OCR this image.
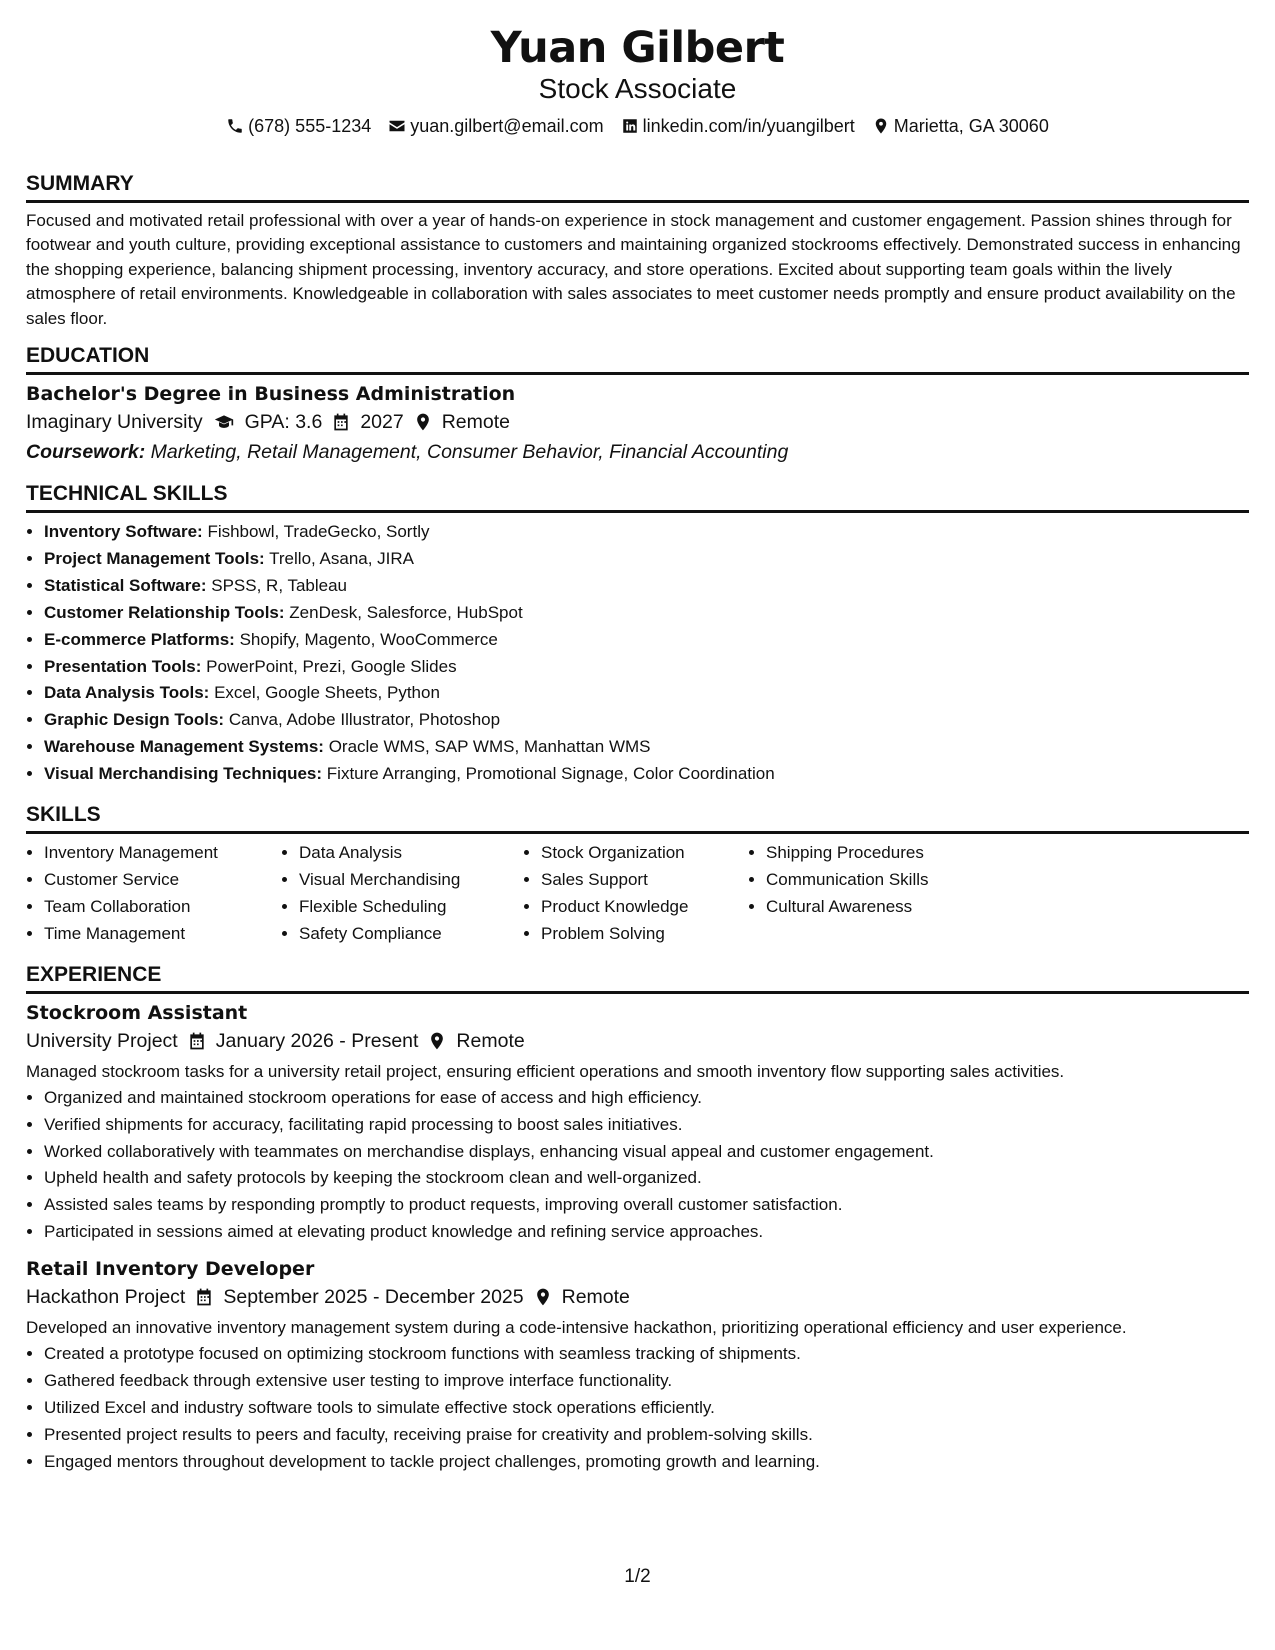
Yuan Gilbert
Stock Associate
(678) 555-1234 yuan.gilbert@email.com linkedin.com/in/yuangilbert Marietta, GA 30060
SUMMARY
Focused and motivated retail professional with over a year of hands-on experience in stock management and customer engagement. Passion shines through for footwear and youth culture, providing exceptional assistance to customers and maintaining organized stockrooms effectively. Demonstrated success in enhancing the shopping experience, balancing shipment processing, inventory accuracy, and store operations. Excited about supporting team goals within the lively atmosphere of retail environments. Knowledgeable in collaboration with sales associates to meet customer needs promptly and ensure product availability on the sales floor.
EDUCATION
Bachelor's Degree in Business Administration
Imaginary University GPA: 3.6 2027 Remote
Coursework: Marketing, Retail Management, Consumer Behavior, Financial Accounting
TECHNICAL SKILLS
• Inventory Software: Fishbowl, TradeGecko, Sortly
• Project Management Tools: Trello, Asana, JIRA
• Statistical Software: SPSS, R, Tableau
• Customer Relationship Tools: ZenDesk, Salesforce, HubSpot
• E-commerce Platforms: Shopify, Magento, WooCommerce
• Presentation Tools: PowerPoint, Prezi, Google Slides
• Data Analysis Tools: Excel, Google Sheets, Python
• Graphic Design Tools: Canva, Adobe Illustrator, Photoshop
• Warehouse Management Systems: Oracle WMS, SAP WMS, Manhattan WMS
• Visual Merchandising Techniques: Fixture Arranging, Promotional Signage, Color Coordination
SKILLS
• Inventory Management
• Customer Service
• Team Collaboration
• Time Management
• Data Analysis
• Visual Merchandising
• Flexible Scheduling
• Safety Compliance
• Stock Organization
• Sales Support
• Product Knowledge
• Problem Solving
• Shipping Procedures
• Communication Skills
• Cultural Awareness
EXPERIENCE
Stockroom Assistant
University Project January 2026 - Present Remote
Managed stockroom tasks for a university retail project, ensuring efficient operations and smooth inventory flow supporting sales activities.
• Organized and maintained stockroom operations for ease of access and high efficiency.
• Verified shipments for accuracy, facilitating rapid processing to boost sales initiatives.
• Worked collaboratively with teammates on merchandise displays, enhancing visual appeal and customer engagement.
• Upheld health and safety protocols by keeping the stockroom clean and well-organized.
• Assisted sales teams by responding promptly to product requests, improving overall customer satisfaction.
• Participated in sessions aimed at elevating product knowledge and refining service approaches.
Retail Inventory Developer
Hackathon Project September 2025 - December 2025 Remote
Developed an innovative inventory management system during a code-intensive hackathon, prioritizing operational efficiency and user experience.
• Created a prototype focused on optimizing stockroom functions with seamless tracking of shipments.
• Gathered feedback through extensive user testing to improve interface functionality.
• Utilized Excel and industry software tools to simulate effective stock operations efficiently.
• Presented project results to peers and faculty, receiving praise for creativity and problem-solving skills.
• Engaged mentors throughout development to tackle project challenges, promoting growth and learning.
1/2
